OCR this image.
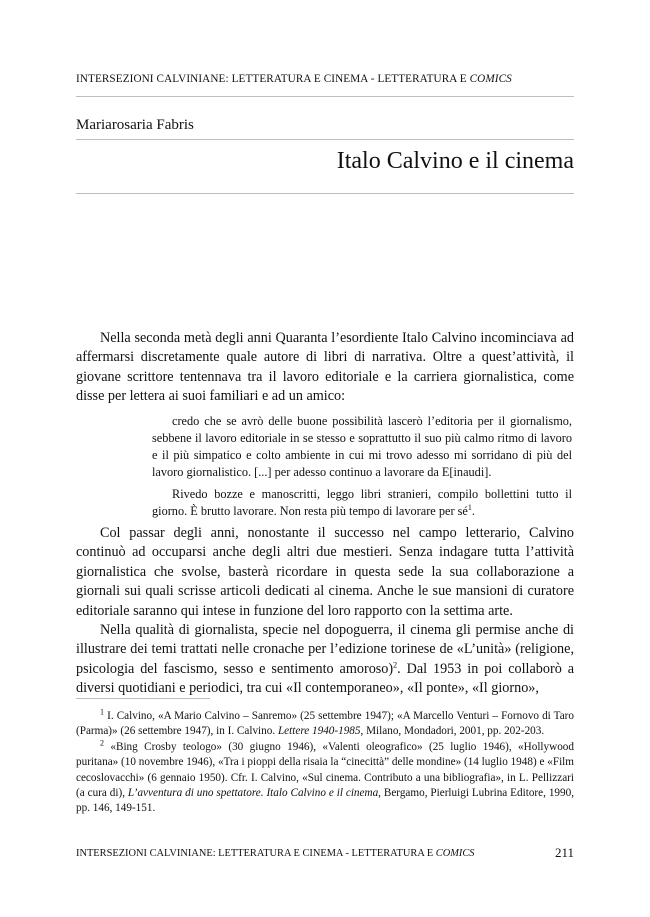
INTERSEZIONI CALVINIANE: LETTERATURA E CINEMA - LETTERATURA E COMICS
Mariarosaria Fabris
Italo Calvino e il cinema

Nella seconda metà degli anni Quaranta l’esordiente Italo Calvino incominciava ad affermarsi discretamente quale autore di libri di narrativa. Oltre a quest’attività, il giovane scrittore tentennava tra il lavoro editoriale e la carriera giornalistica, come disse per lettera ai suoi familiari e ad un amico:

credo che se avrò delle buone possibilità lascerò l’editoria per il giornalismo, sebbene il lavoro editoriale in se stesso e soprattutto il suo più calmo ritmo di lavoro e il più simpatico e colto ambiente in cui mi trovo adesso mi sorridano di più del lavoro giornalistico. [...] per adesso continuo a lavorare da E[inaudi].

Rivedo bozze e manoscritti, leggo libri stranieri, compilo bollettini tutto il giorno. È brutto lavorare. Non resta più tempo di lavorare per $sé^1$.

Col passar degli anni, nonostante il successo nel campo letterario, Calvino continuò ad occuparsi anche degli altri due mestieri. Senza indagare tutta l’attività giornalistica che svolse, basterà ricordare in questa sede la sua collaborazione a giornali sui quali scrisse articoli dedicati al cinema. Anche le sue mansioni di curatore editoriale saranno qui intese in funzione del loro rapporto con la settima arte.

Nella qualità di giornalista, specie nel dopoguerra, il cinema gli permise anche di illustrare dei temi trattati nelle cronache per l’edizione torinese de «L’unità» (religione, psicologia del fascismo, sesso e sentimento amoroso)$^2$. Dal 1953 in poi collaborò a diversi quotidiani e periodici, tra cui «Il contemporaneo», «Il ponte», «Il giorno»,

$^1$ I. Calvino, «A Mario Calvino – Sanremo» (25 settembre 1947); «A Marcello Venturi – Fornovo di Taro (Parma)» (26 settembre 1947), in I. Calvino. Lettere 1940-1985, Milano, Mondadori, 2001, pp. 202-203.

$^2$ «Bing Crosby teologo» (30 giugno 1946), «Valenti oleografico» (25 luglio 1946), «Hollywood puritana» (10 novembre 1946), «Tra i pioppi della risaia la “cinecittà” delle mondine» (14 luglio 1948) e «Film cecoslovacchi» (6 gennaio 1950). Cfr. I. Calvino, «Sul cinema. Contributo a una bibliografia», in L. Pellizzari (a cura di), L’avventura di uno spettatore. Italo Calvino e il cinema, Bergamo, Pierluigi Lubrina Editore, 1990, pp. 146, 149-151.

INTERSEZIONI CALVINIANE: LETTERATURA E CINEMA - LETTERATURA E COMICS	211
